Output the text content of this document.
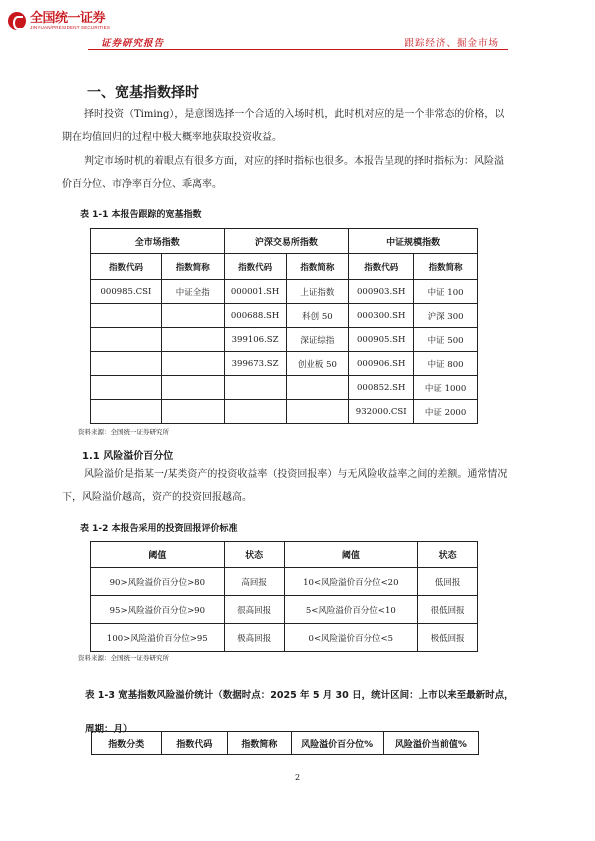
全国统一证券
JINYUAN/PRESIDENT SECURITIES
证券研究报告	跟踪经济、掘金市场
一、宽基指数择时
择时投资（Timing），是意图选择一个合适的入场时机，此时机对应的是一个非常态的价格，以期在均值回归的过程中极大概率地获取投资收益。
判定市场时机的着眼点有很多方面，对应的择时指标也很多。本报告呈现的择时指标为：风险溢价百分位、市净率百分位、乖离率。
表 1-1 本报告跟踪的宽基指数
全市场指数		沪深交易所指数		中证规模指数	
指数代码	指数简称	指数代码	指数简称	指数代码	指数简称
000985.CSI	中证全指	000001.SH	上证指数	000903.SH	中证 100
		000688.SH	科创 50	000300.SH	沪深 300
		399106.SZ	深证综指	000905.SH	中证 500
		399673.SZ	创业板 50	000906.SH	中证 800
				000852.SH	中证 1000
				932000.CSI	中证 2000
资料来源：全国统一证券研究所
1.1 风险溢价百分位
风险溢价是指某一/某类资产的投资收益率（投资回报率）与无风险收益率之间的差额。通常情况下，风险溢价越高，资产的投资回报越高。
表 1-2 本报告采用的投资回报评价标准
阈值	状态	阈值	状态
90>风险溢价百分位>80	高回报	10<风险溢价百分位<20	低回报
95>风险溢价百分位>90	很高回报	5<风险溢价百分位<10	很低回报
100>风险溢价百分位>95	极高回报	0<风险溢价百分位<5	极低回报
资料来源：全国统一证券研究所
表 1-3 宽基指数风险溢价统计（数据时点：2025 年 5 月 30 日，统计区间：上市以来至最新时点，周期：月）
指数分类	指数代码	指数简称	风险溢价百分位%	风险溢价当前值%
2
